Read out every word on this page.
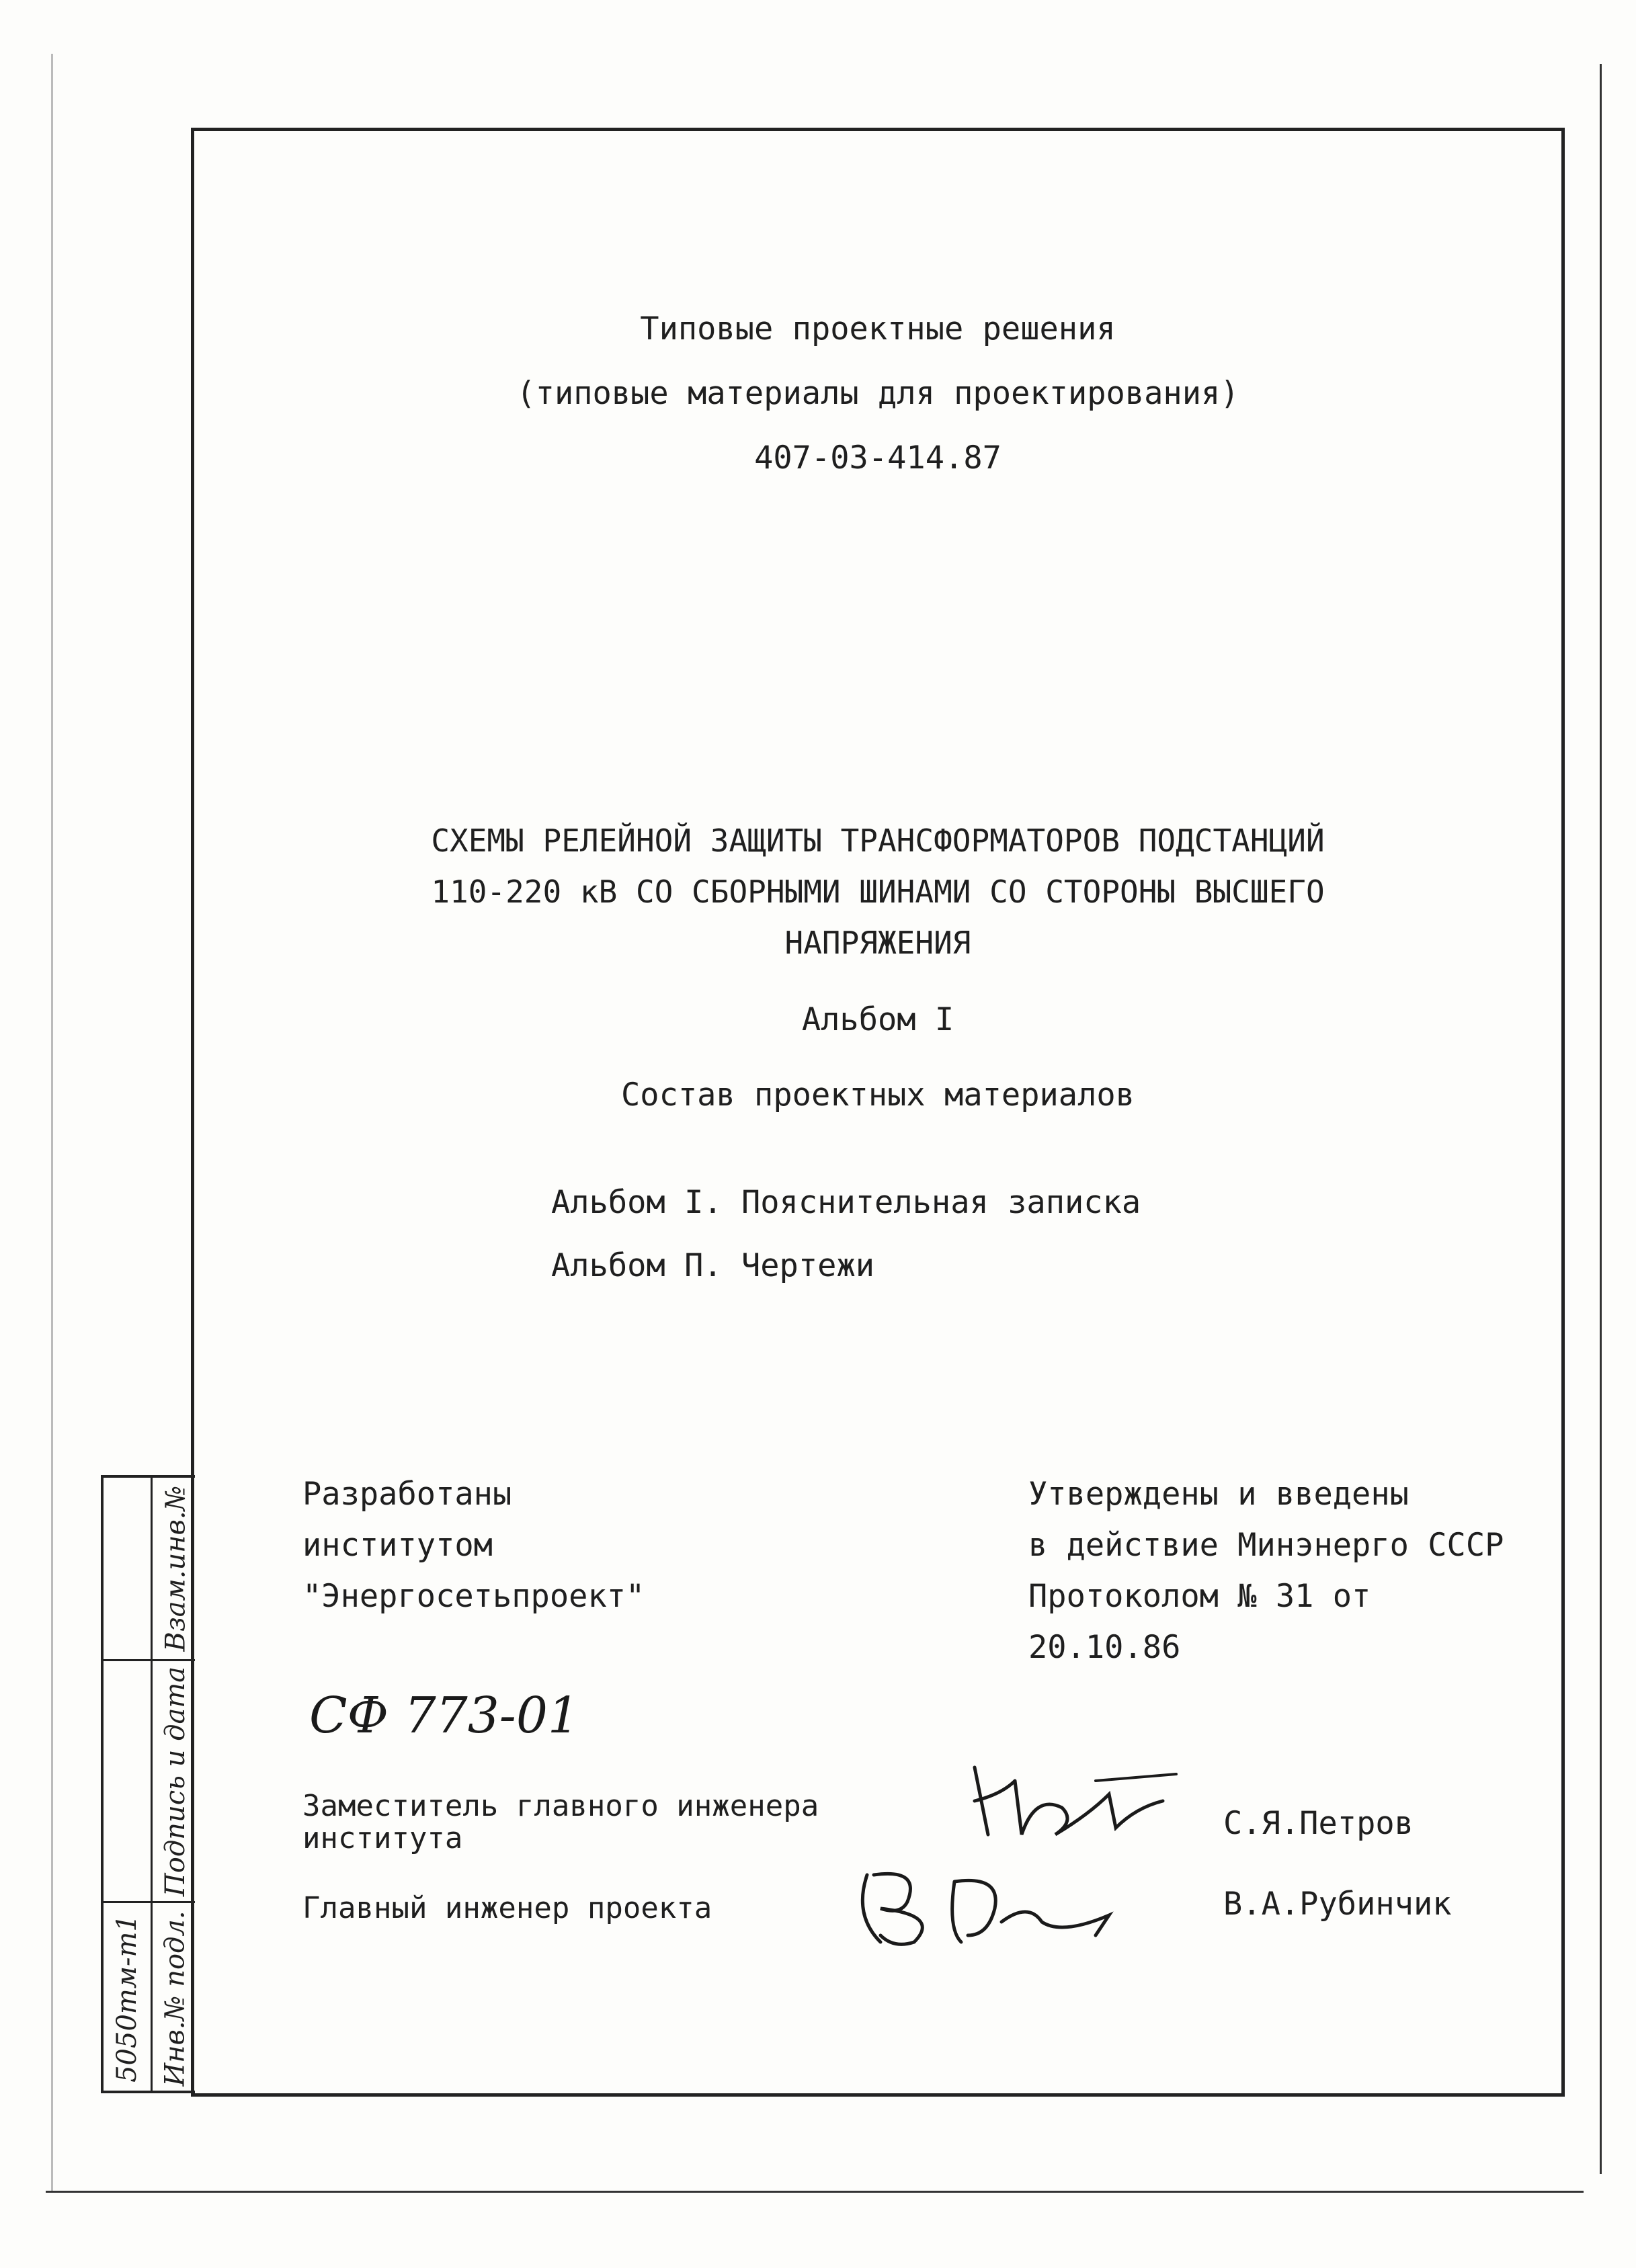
Типовые проектные решения
(типовые материалы для проектирования)
407-03-414.87
СХЕМЫ РЕЛЕЙНОЙ ЗАЩИТЫ ТРАНСФОРМАТОРОВ ПОДСТАНЦИЙ
110-220 кВ СО СБОРНЫМИ ШИНАМИ СО СТОРОНЫ ВЫСШЕГО
НАПРЯЖЕНИЯ
Альбом I
Состав проектных материалов
Альбом I. Пояснительная записка
Альбом П. Чертежи
Разработаны
институтом
"Энергосетьпроект"
Утверждены и введены
в действие Минэнерго СССР
Протоколом № 31 от
20.10.86
СФ 773-01
Заместитель главного инженера
института	С.Я.Петров
Главный инженер проекта	В.А.Рубинчик
Взам.инв.№
Подпись и дата
Инв.№ подл.
5050тм-т1
